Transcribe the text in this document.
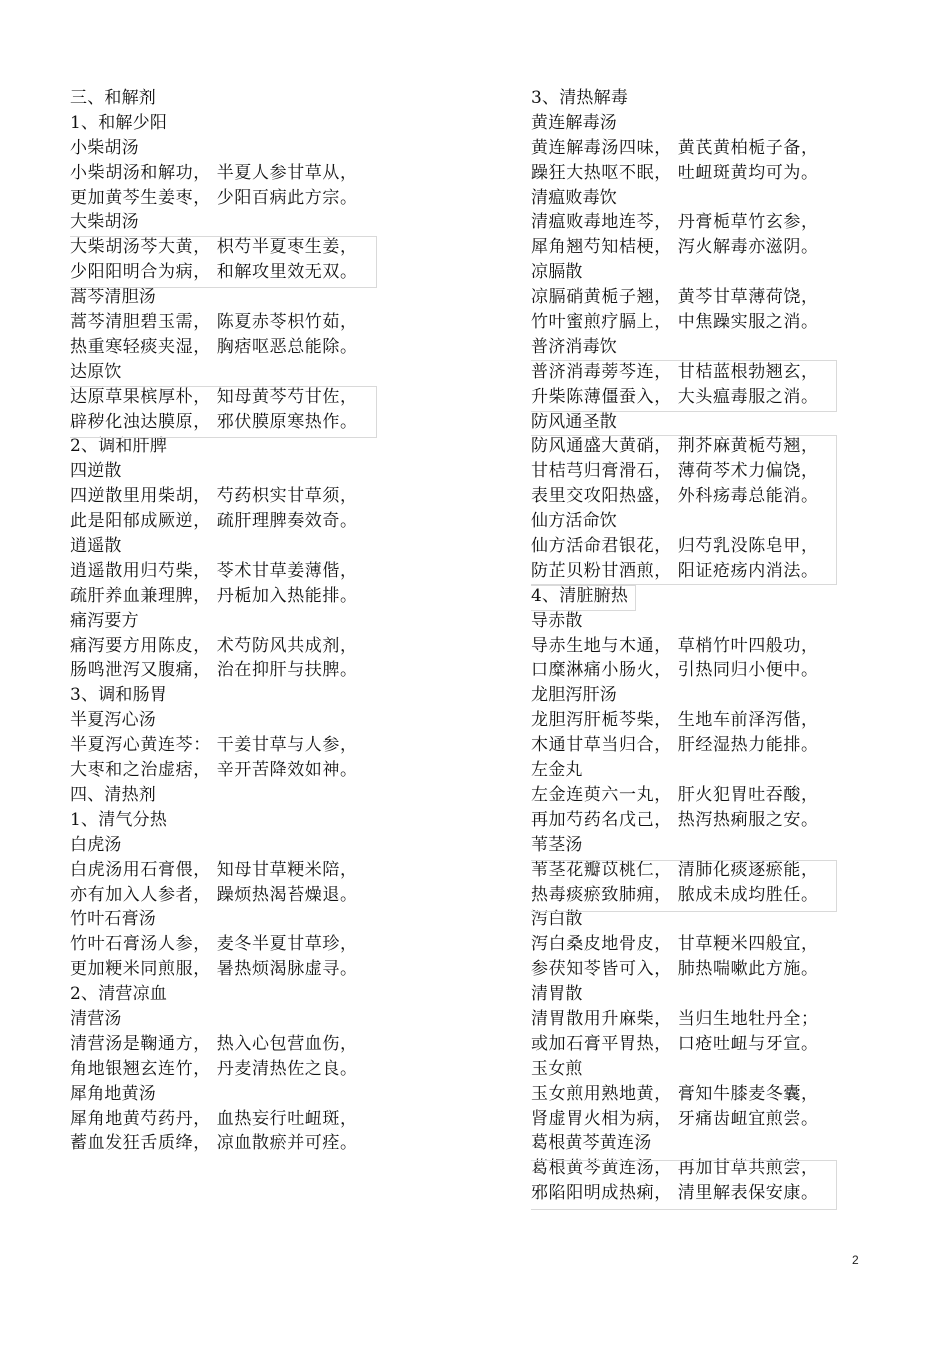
三、和解剂
1、和解少阳
小柴胡汤
小柴胡汤和解功， 半夏人参甘草从，
更加黄芩生姜枣， 少阳百病此方宗。
大柴胡汤
大柴胡汤芩大黄， 枳芍半夏枣生姜，
少阳阳明合为病， 和解攻里效无双。
蒿芩清胆汤
蒿芩清胆碧玉需， 陈夏赤苓枳竹茹，
热重寒轻痰夹湿， 胸痞呕恶总能除。
达原饮
达原草果槟厚朴， 知母黄芩芍甘佐，
辟秽化浊达膜原， 邪伏膜原寒热作。
2、调和肝脾
四逆散
四逆散里用柴胡， 芍药枳实甘草须，
此是阳郁成厥逆， 疏肝理脾奏效奇。
逍遥散
逍遥散用归芍柴， 苓术甘草姜薄偕，
疏肝养血兼理脾， 丹栀加入热能排。
痛泻要方
痛泻要方用陈皮， 术芍防风共成剂，
肠鸣泄泻又腹痛， 治在抑肝与扶脾。
3、调和肠胃
半夏泻心汤
半夏泻心黄连芩： 干姜甘草与人参，
大枣和之治虚痞， 辛开苦降效如神。
四、清热剂
1、清气分热
白虎汤
白虎汤用石膏偎， 知母甘草粳米陪，
亦有加入人参者， 躁烦热渴苔燥退。
竹叶石膏汤
竹叶石膏汤人参， 麦冬半夏甘草珍，
更加粳米同煎服， 暑热烦渴脉虚寻。
2、清营凉血
清营汤
清营汤是鞠通方， 热入心包营血伤，
角地银翘玄连竹， 丹麦清热佐之良。
犀角地黄汤
犀角地黄芍药丹， 血热妄行吐衄斑，
蓄血发狂舌质绛， 凉血散瘀并可痊。
3、清热解毒
黄连解毒汤
黄连解毒汤四味， 黄芪黄柏栀子备，
躁狂大热呕不眠， 吐衄斑黄均可为。
清瘟败毒饮
清瘟败毒地连芩， 丹膏栀草竹玄参，
犀角翘芍知桔梗， 泻火解毒亦滋阴。
凉膈散
凉膈硝黄栀子翘， 黄芩甘草薄荷饶，
竹叶蜜煎疗膈上， 中焦躁实服之消。
普济消毒饮
普济消毒蒡芩连， 甘桔蓝根勃翘玄，
升柴陈薄僵蚕入， 大头瘟毒服之消。
防风通圣散
防风通盛大黄硝， 荆芥麻黄栀芍翘，
甘桔芎归膏滑石， 薄荷芩术力偏饶，
表里交攻阳热盛， 外科疡毒总能消。
仙方活命饮
仙方活命君银花， 归芍乳没陈皂甲，
防芷贝粉甘酒煎， 阳证疮疡内消法。
4、清脏腑热
导赤散
导赤生地与木通， 草梢竹叶四般功，
口糜淋痛小肠火， 引热同归小便中。
龙胆泻肝汤
龙胆泻肝栀芩柴， 生地车前泽泻偕，
木通甘草当归合， 肝经湿热力能排。
左金丸
左金连萸六一丸， 肝火犯胃吐吞酸，
再加芍药名戊己， 热泻热痢服之安。
苇茎汤
苇茎花瓣苡桃仁， 清肺化痰逐瘀能，
热毒痰瘀致肺痈， 脓成未成均胜任。
泻白散
泻白桑皮地骨皮， 甘草粳米四般宜，
参茯知苓皆可入， 肺热喘嗽此方施。
清胃散
清胃散用升麻柴， 当归生地牡丹全；
或加石膏平胃热， 口疮吐衄与牙宣。
玉女煎
玉女煎用熟地黄， 膏知牛膝麦冬囊，
肾虚胃火相为病， 牙痛齿衄宜煎尝。
葛根黄芩黄连汤
葛根黄芩黄连汤， 再加甘草共煎尝，
邪陷阳明成热痢， 清里解表保安康。
2
